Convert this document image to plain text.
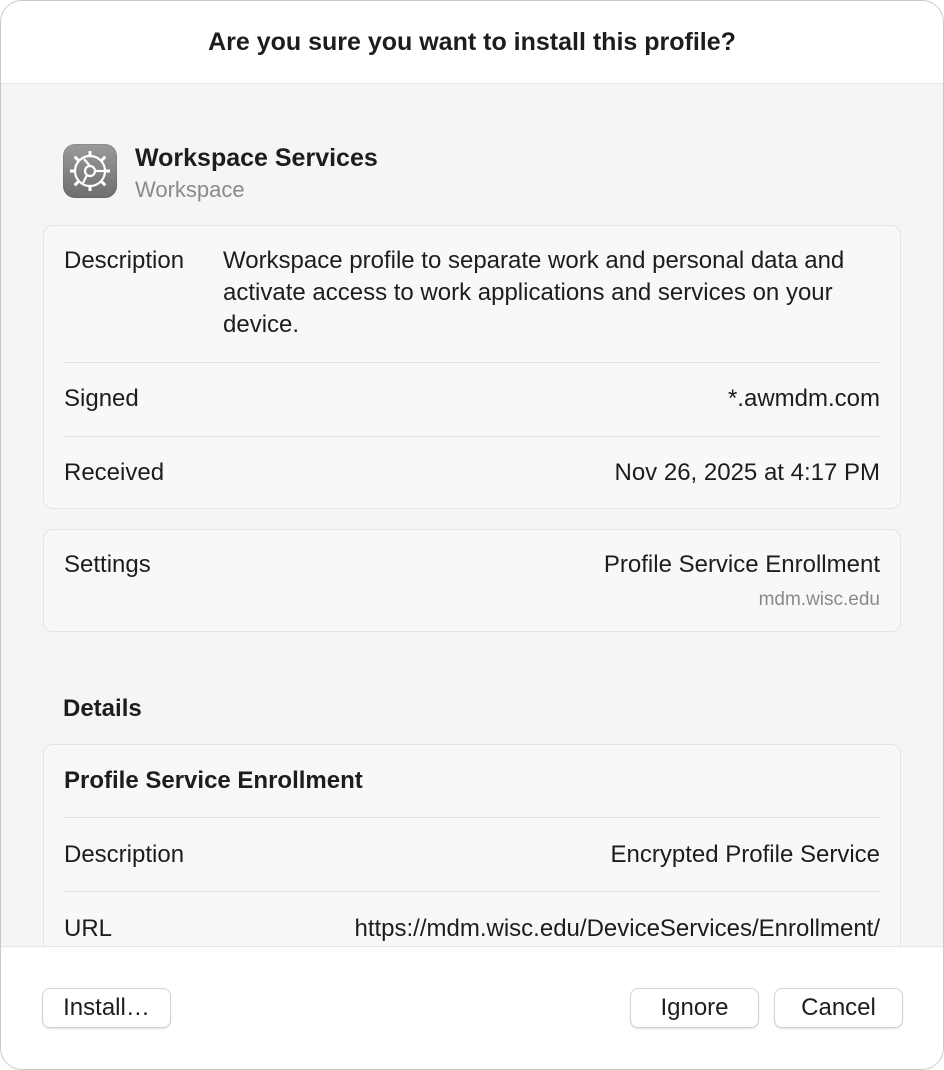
Are you sure you want to install this profile?
Workspace Services
Workspace
Description Workspace profile to separate work and personal data and activate access to work applications and services on your device.
Signed	*.awmdm.com
Received	Nov 26, 2025 at 4:17 PM
Settings	Profile Service Enrollment
mdm.wisc.edu
Details
Profile Service Enrollment
Description	Encrypted Profile Service
URL	https://mdm.wisc.edu/DeviceServices/Enrollment/
Install…	Ignore	Cancel
